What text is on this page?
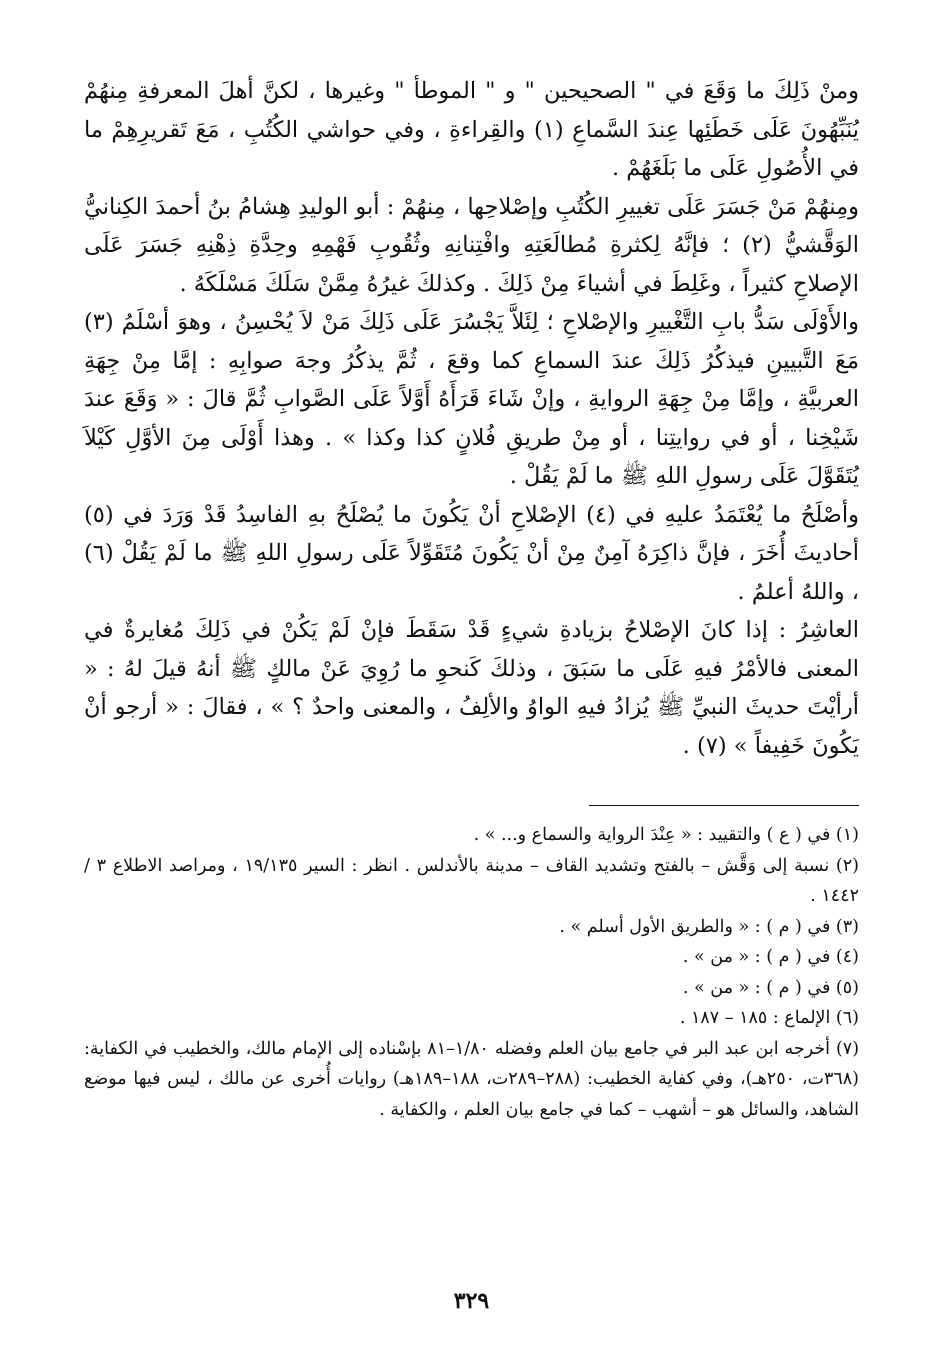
ومنْ ذَلِكَ ما وَقَعَ في " الصحيحين " و " الموطأ " وغيرها ، لكنَّ أهلَ المعرفةِ مِنهُمْ يُنَبِّهُونَ عَلَى خَطَئِها عِندَ السَّماعِ (١) والقِراءةِ ، وفي حواشي الكُتُبِ ، مَعَ تَقريرِهِمْ ما في الأُصُولِ عَلَى ما بَلَغَهُمْ .

ومِنهُمْ مَنْ جَسَرَ عَلَى تغييرِ الكُتُبِ وإصْلاحِها ، مِنهُمْ : أبو الوليدِ هِشامُ بنُ أحمدَ الكِنانيُّ الوَقَّشيُّ (٢) ؛ فإنَّهُ لِكثرةِ مُطالَعَتِهِ وافْتِنانِهِ وثُقُوبِ فَهْمِهِ وحِدَّةِ ذِهْنِهِ جَسَرَ عَلَى الإصلاحِ كثيراً ، وغَلِطَ في أشياءَ مِنْ ذَلِكَ . وكذلكَ غيرُهُ مِمَّنْ سَلَكَ مَسْلَكَهُ .

والأَوْلَى سَدُّ بابِ التَّغْييرِ والإصْلاحِ ؛ لِئَلاَّ يَجْسُرَ عَلَى ذَلِكَ مَنْ لاَ يُحْسِنُ ، وهوَ أسْلَمُ (٣) مَعَ التَّبيينِ فيذكُرُ ذَلِكَ عندَ السماعِ كما وقعَ ، ثُمَّ يذكُرُ وجهَ صوابِهِ : إمَّا مِنْ جِهَةِ العربيَّةِ ، وإمَّا مِنْ جِهَةِ الروايةِ ، وإنْ شَاءَ قَرَأَهُ أَوَّلاً عَلَى الصَّوابِ ثُمَّ قالَ : « وَقَعَ عندَ شَيْخِنا ، أو في روايتِنا ، أو مِنْ طريقِ فُلانٍ كذا وكذا » . وهذا أَوْلَى مِنَ الأوَّلِ كَيْلاَ يُتَقَوَّلَ عَلَى رسولِ اللهِ ﷺ ما لَمْ يَقُلْ .

وأصْلَحُ ما يُعْتَمَدُ عليهِ في (٤) الإصْلاحِ أنْ يَكُونَ ما يُصْلَحُ بهِ الفاسِدُ قَدْ وَرَدَ في (٥) أحاديثَ أُخَرَ ، فإنَّ ذاكِرَهُ آمِنٌ مِنْ أنْ يَكُونَ مُتَقَوِّلاً عَلَى رسولِ اللهِ ﷺ ما لَمْ يَقُلْ (٦) ، واللهُ أعلمُ .

العاشِرُ : إذا كانَ الإصْلاحُ بزيادةِ شيءٍ قَدْ سَقَطَ فإنْ لَمْ يَكُنْ في ذَلِكَ مُغايرةٌ في المعنى فالأمْرُ فيهِ عَلَى ما سَبَقَ ، وذلكَ كَنحوِ ما رُوِيَ عَنْ مالكٍ ﷺ أنهُ قيلَ لهُ : « أرأيْتَ حديثَ النبيِّ ﷺ يُزادُ فيهِ الواوُ والألِفُ ، والمعنى واحدٌ ؟ » ، فقالَ : « أرجو أنْ يَكُونَ خَفِيفاً » (٧) .

(١) في ( ع ) والتقييد : « عِنْدَ الرواية والسماع و... » .

(٢) نسبة إلى وَقَّش – بالفتح وتشديد القاف – مدينة بالأندلس . انظر : السير ١٩/١٣٥ ، ومراصد الاطلاع ٣ / ١٤٤٢ .

(٣) في ( م ) : « والطريق الأول أسلم » .

(٤) في ( م ) : « من » .

(٥) في ( م ) : « من » .

(٦) الإلماع : ١٨٥ – ١٨٧ .

(٧) أخرجه ابن عبد البر في جامع بيان العلم وفضله ١/٨٠–٨١ بإسْناده إلى الإمام مالك، والخطيب في الكفاية: (٣٦٨ت، ٢٥٠هـ)، وفي كفاية الخطيب: (٢٨٨–٢٨٩ت، ١٨٨–١٨٩هـ) روايات أُخرى عن مالك ، ليس فيها موضع الشاهد، والسائل هو – أشهب – كما في جامع بيان العلم ، والكفاية .

٣٢٩
